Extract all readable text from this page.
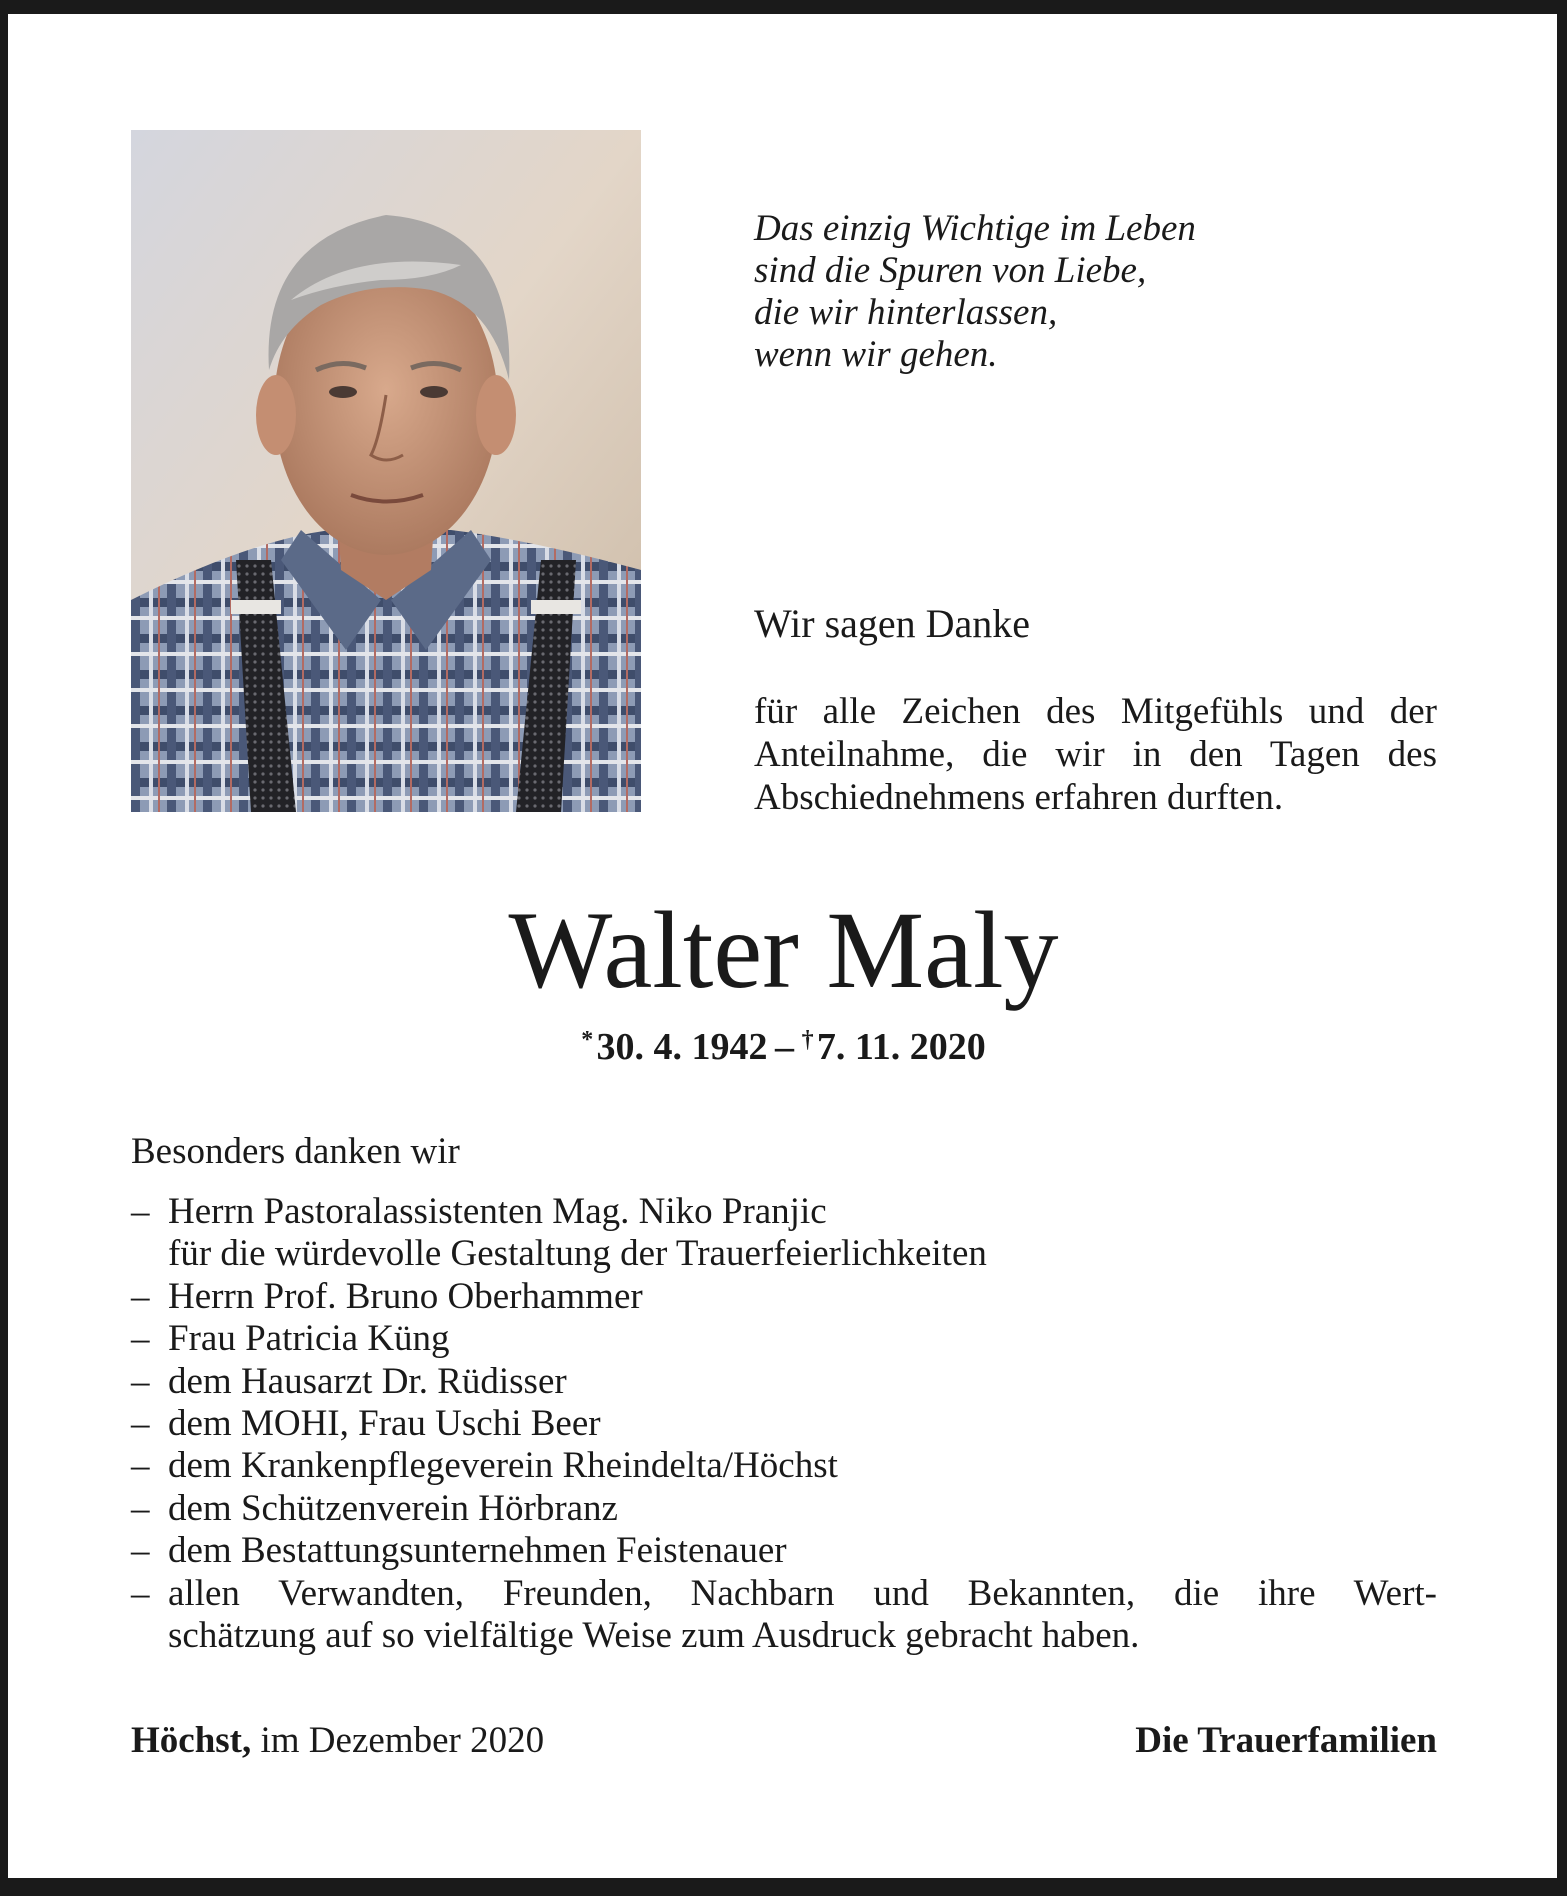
Das einzig Wichtige im Leben
sind die Spuren von Liebe,
die wir hinterlassen,
wenn wir gehen.
Wir sagen Danke
für alle Zeichen des Mitgefühls und der
Anteilnahme, die wir in den Tagen des
Abschiednehmens erfahren durften.
Walter Maly
* 30. 4. 1942  –  † 7. 11. 2020
Besonders danken wir
– Herrn Pastoralassistenten Mag. Niko Pranjic
für die würdevolle Gestaltung der Trauerfeierlichkeiten
– Herrn Prof. Bruno Oberhammer
– Frau Patricia Küng
– dem Hausarzt Dr. Rüdisser
– dem MOHI, Frau Uschi Beer
– dem Krankenpflegeverein Rheindelta/Höchst
– dem Schützenverein Hörbranz
– dem Bestattungsunternehmen Feistenauer
– allen Verwandten, Freunden, Nachbarn und Bekannten, die ihre Wert-
schätzung auf so vielfältige Weise zum Ausdruck gebracht haben.
Höchst, im Dezember 2020	Die Trauerfamilien
